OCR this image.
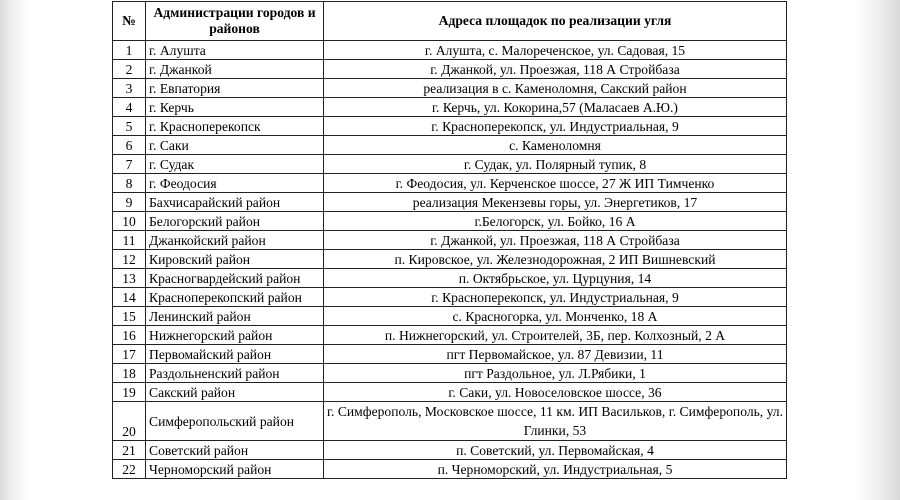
№	Администрации городов и районов	Адреса площадок по реализации угля
1	г. Алушта	г. Алушта, с. Малореченское, ул. Садовая, 15
2	г. Джанкой	г. Джанкой, ул. Проезжая, 118 А Стройбаза
3	г. Евпатория	реализация в с. Каменоломня, Сакский район
4	г. Керчь	г. Керчь, ул. Кокорина,57 (Маласаев А.Ю.)
5	г. Красноперекопск	г. Красноперекопск, ул. Индустриальная, 9
6	г. Саки	с. Каменоломня
7	г. Судак	г. Судак, ул. Полярный тупик, 8
8	г. Феодосия	г. Феодосия, ул. Керченское шоссе, 27 Ж ИП Тимченко
9	Бахчисарайский район	реализация Мекензевы горы, ул. Энергетиков, 17
10	Белогорский район	г.Белогорск, ул. Бойко, 16 А
11	Джанкойский район	г. Джанкой, ул. Проезжая, 118 А Стройбаза
12	Кировский район	п. Кировское, ул. Железнодорожная, 2 ИП Вишневский
13	Красногвардейский район	п. Октябрьское, ул. Цурцуния, 14
14	Красноперекопский район	г. Красноперекопск, ул. Индустриальная, 9
15	Ленинский район	с. Красногорка, ул. Монченко, 18 А
16	Нижнегорский район	п. Нижнегорский, ул. Строителей, 3Б, пер. Колхозный, 2 А
17	Первомайский район	пгт Первомайское, ул. 87 Девизии, 11
18	Раздольненский район	пгт Раздольное, ул. Л.Рябики, 1
19	Сакский район	г. Саки, ул. Новоселовское шоссе, 36
20	Симферопольский район	г. Симферополь, Московское шоссе, 11 км. ИП Васильков, г. Симферополь, ул. Глинки, 53
21	Советский район	п. Советский, ул. Первомайская, 4
22	Черноморский район	п. Черноморский, ул. Индустриальная, 5
